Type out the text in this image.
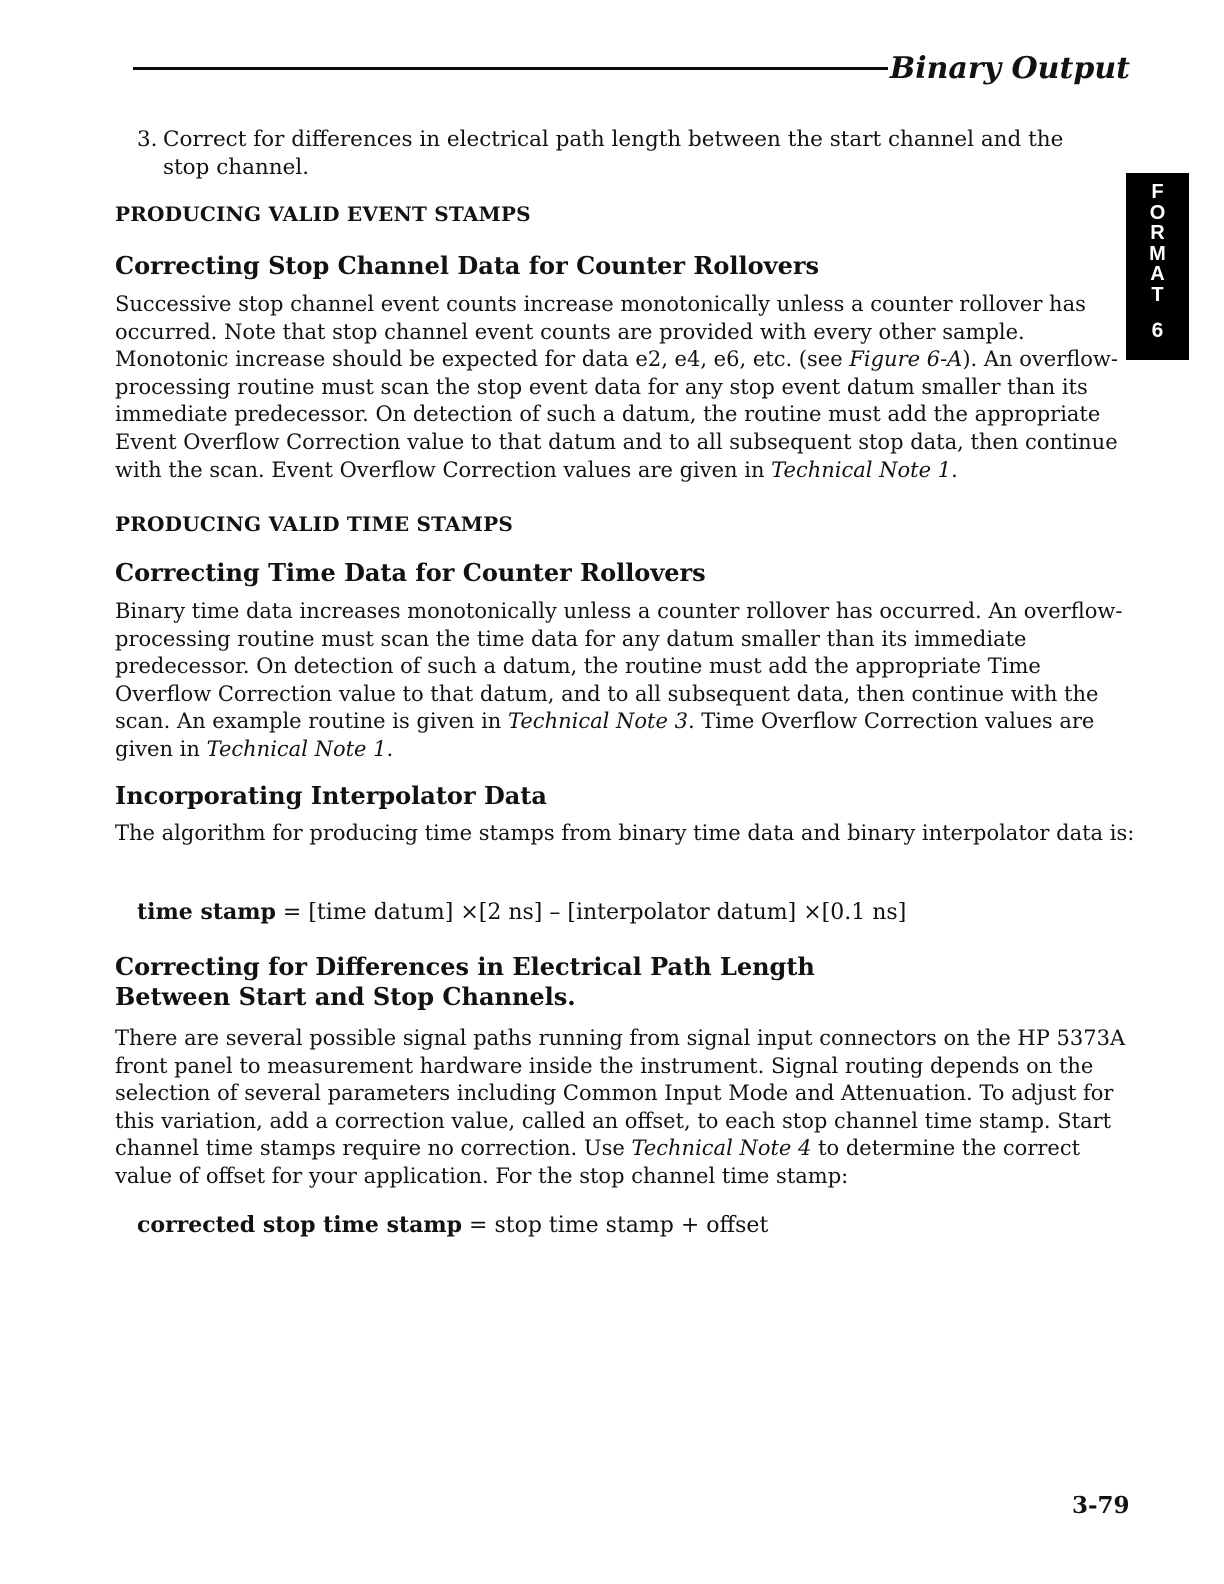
Binary Output
F
O
R
M
A
T
6
3. Correct for differences in electrical path length between the start channel and the stop channel.
PRODUCING VALID EVENT STAMPS
Correcting Stop Channel Data for Counter Rollovers
Successive stop channel event counts increase monotonically unless a counter rollover has occurred. Note that stop channel event counts are provided with every other sample. Monotonic increase should be expected for data e2, e4, e6, etc. (see Figure 6-A). An overflow-processing routine must scan the stop event data for any stop event datum smaller than its immediate predecessor. On detection of such a datum, the routine must add the appropriate Event Overflow Correction value to that datum and to all subsequent stop data, then continue with the scan. Event Overflow Correction values are given in Technical Note 1.
PRODUCING VALID TIME STAMPS
Correcting Time Data for Counter Rollovers
Binary time data increases monotonically unless a counter rollover has occurred. An overflow-processing routine must scan the time data for any datum smaller than its immediate predecessor. On detection of such a datum, the routine must add the appropriate Time Overflow Correction value to that datum, and to all subsequent data, then continue with the scan. An example routine is given in Technical Note 3. Time Overflow Correction values are given in Technical Note 1.
Incorporating Interpolator Data
The algorithm for producing time stamps from binary time data and binary interpolator data is:
time stamp = [time datum] ×[2 ns] – [interpolator datum] ×[0.1 ns]
Correcting for Differences in Electrical Path Length
Between Start and Stop Channels.
There are several possible signal paths running from signal input connectors on the HP 5373A front panel to measurement hardware inside the instrument. Signal routing depends on the selection of several parameters including Common Input Mode and Attenuation. To adjust for this variation, add a correction value, called an offset, to each stop channel time stamp. Start channel time stamps require no correction. Use Technical Note 4 to determine the correct value of offset for your application. For the stop channel time stamp:
corrected stop time stamp = stop time stamp + offset
3-79
